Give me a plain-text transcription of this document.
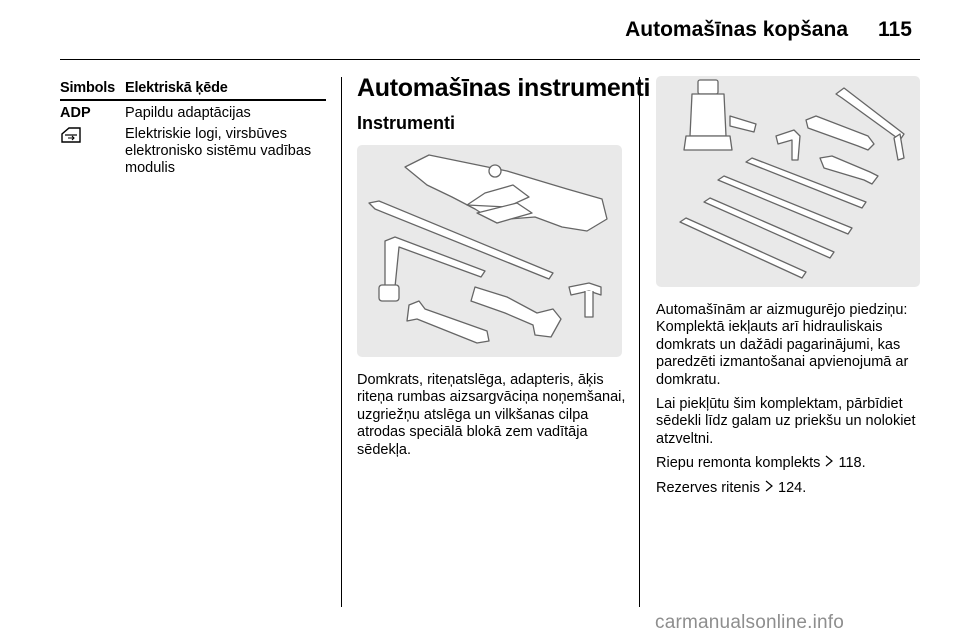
Automašīnas kopšana 115
Simbols Elektriskā ķēde
ADP	Papildu adaptācijas
Elektriskie logi, virsbūves elektronisko sistēmu vadības modulis
Automašīnas instrumenti
Instrumenti

Domkrats, riteņatslēga, adapteris, āķis riteņa rumbas aizsargvāciņa noņemšanai, uzgriežņu atslēga un vilkšanas cilpa atrodas speciālā blokā zem vadītāja sēdekļa.

Automašīnām ar aizmugurējo piedziņu: Komplektā iekļauts arī hidrauliskais domkrats un dažādi pagarinājumi, kas paredzēti izmantošanai apvienojumā ar domkratu.

Lai piekļūtu šim komplektam, pārbīdiet sēdekli līdz galam uz priekšu un nolokiet atzveltni.

Riepu remonta komplekts 118.

Rezerves ritenis 124.

carmanualsonline.info
